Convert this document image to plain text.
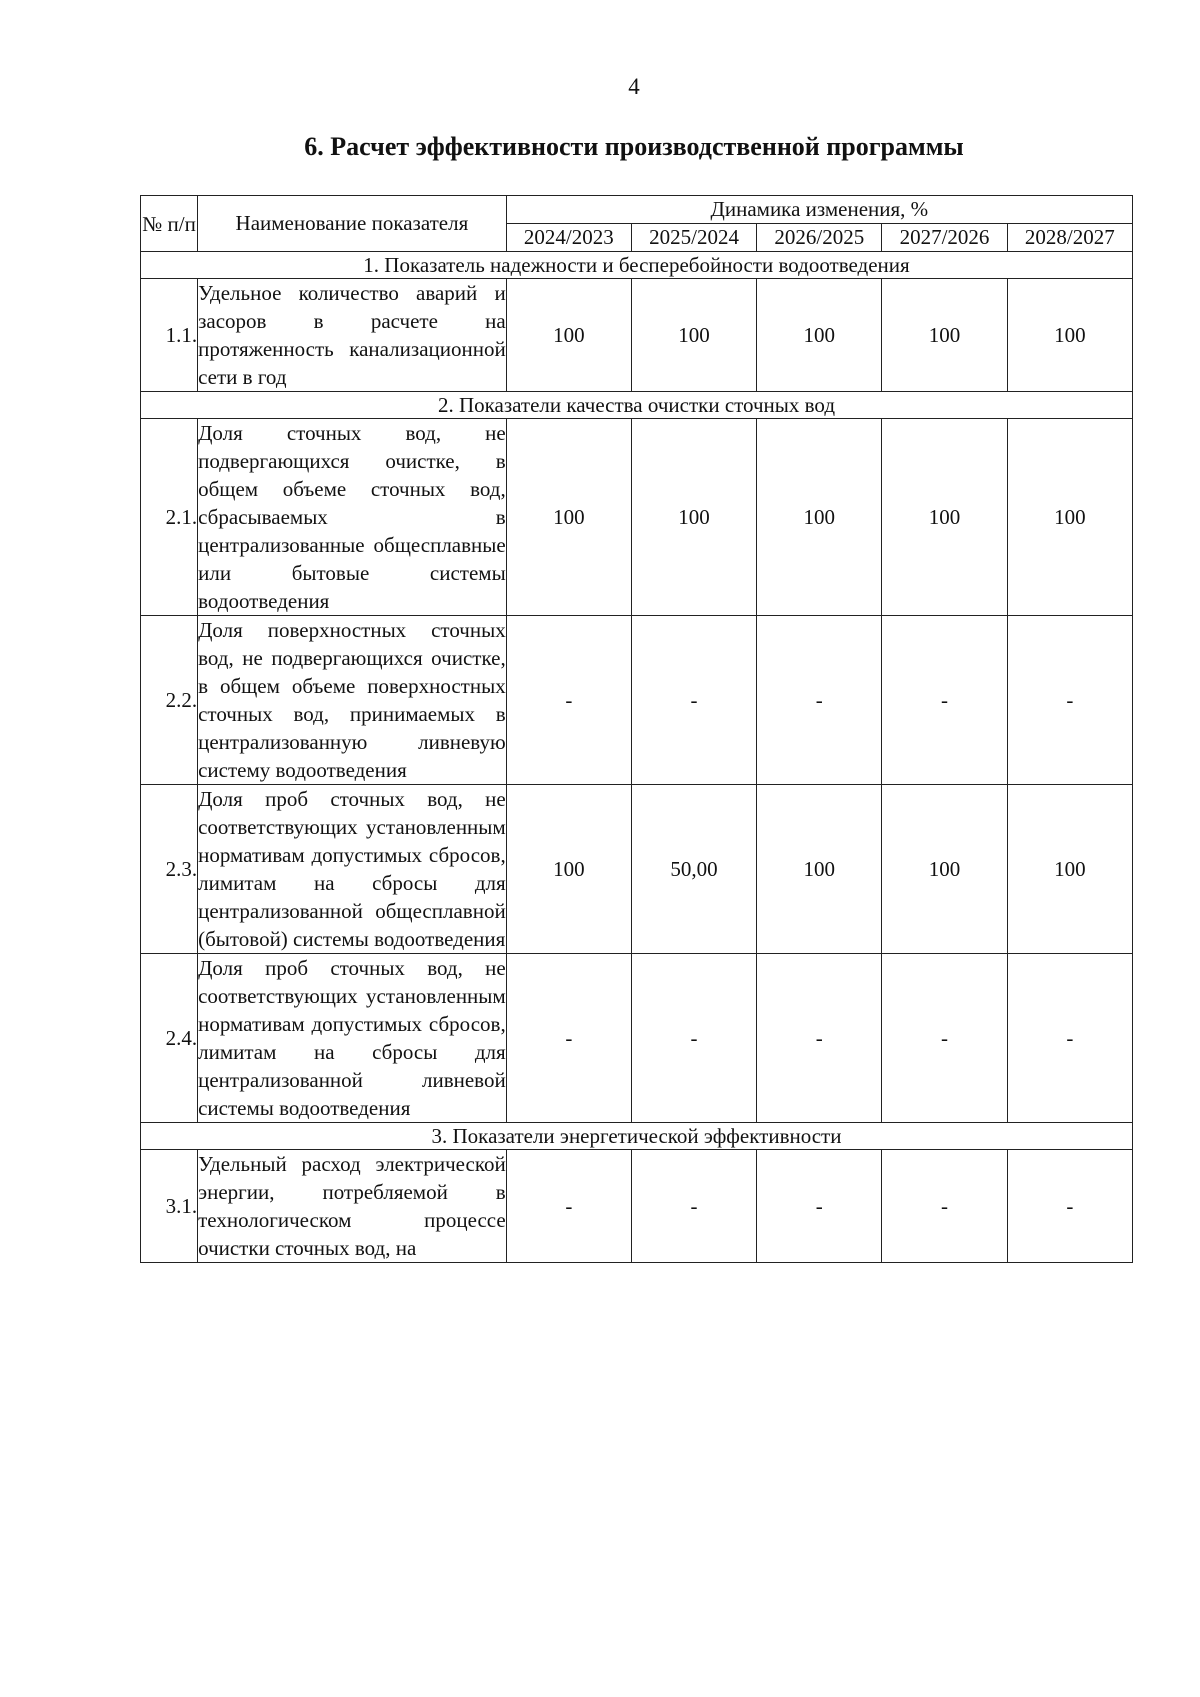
4
6. Расчет эффективности производственной программы
№ п/п	Наименование показателя	Динамика изменения, %				
		2024/2023	2025/2024	2026/2025	2027/2026	2028/2027
1. Показатель надежности и бесперебойности водоотведения						
1.1.	Удельное количество аварий и засоров в расчете на протяженность канализационной сети в год	100	100	100	100	100
2. Показатели качества очистки сточных вод						
2.1.	Доля сточных вод, не подвергающихся очистке, в общем объеме сточных вод, сбрасываемых в централизованные общесплавные или бытовые системы водоотведения	100	100	100	100	100
2.2.	Доля поверхностных сточных вод, не подвергающихся очистке, в общем объеме поверхностных сточных вод, принимаемых в централизованную ливневую систему водоотведения	-	-	-	-	-
2.3.	Доля проб сточных вод, не соответствующих установленным нормативам допустимых сбросов, лимитам на сбросы для централизованной общесплавной (бытовой) системы водоотведения	100	50,00	100	100	100
2.4.	Доля проб сточных вод, не соответствующих установленным нормативам допустимых сбросов, лимитам на сбросы для централизованной ливневой системы водоотведения	-	-	-	-	-
3. Показатели энергетической эффективности						
3.1.	Удельный расход электрической энергии, потребляемой в технологическом процессе очистки сточных вод, на	-	-	-	-	-
